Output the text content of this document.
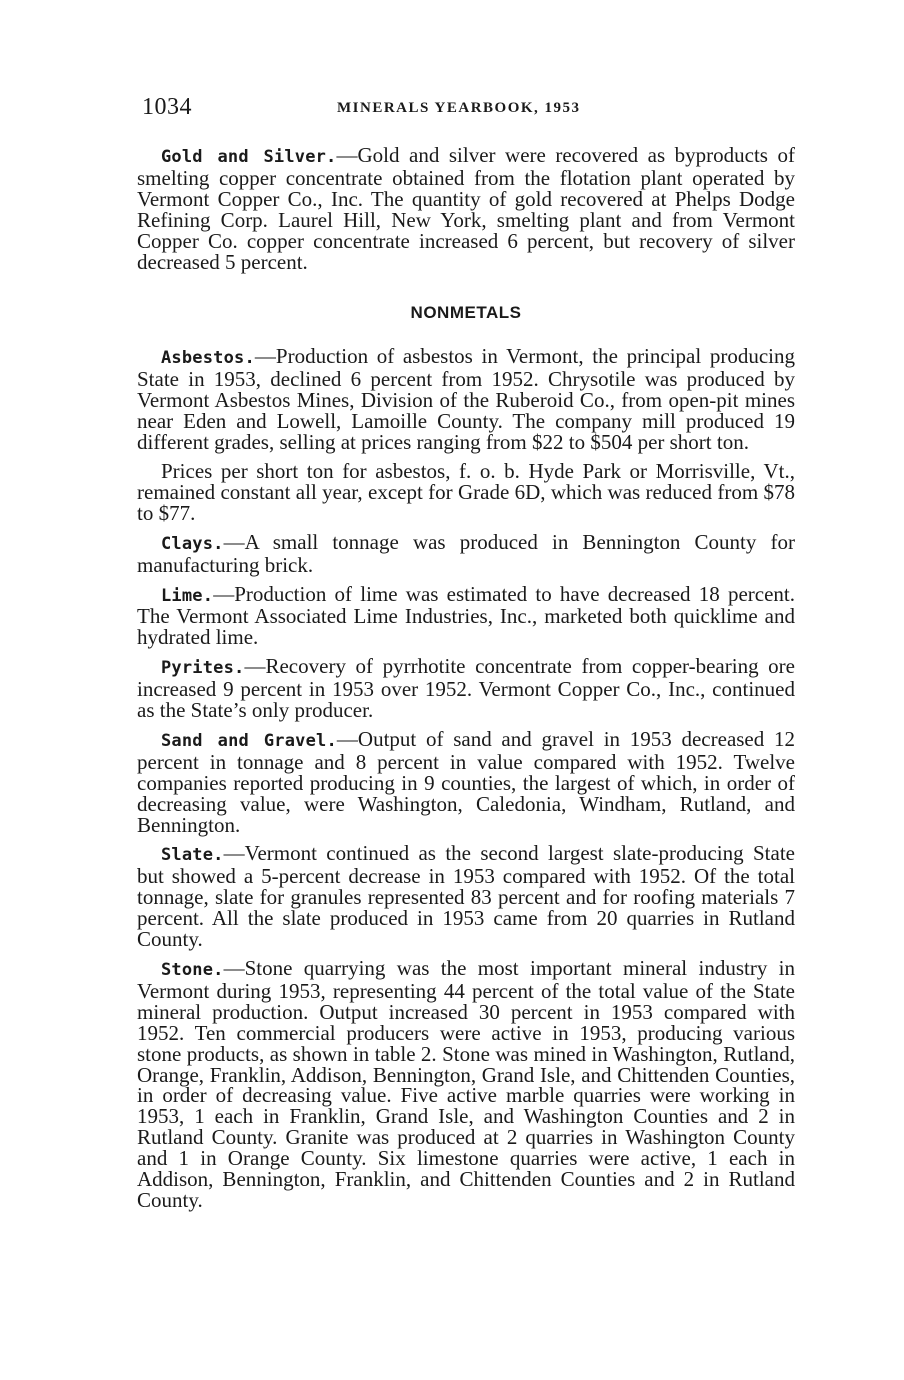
1034	MINERALS YEARBOOK, 1953

Gold and Silver.—Gold and silver were recovered as byproducts of smelting copper concentrate obtained from the flotation plant operated by Vermont Copper Co., Inc. The quantity of gold recovered at Phelps Dodge Refining Corp. Laurel Hill, New York, smelting plant and from Vermont Copper Co. copper concentrate increased 6 percent, but recovery of silver decreased 5 percent.

NONMETALS

Asbestos.—Production of asbestos in Vermont, the principal producing State in 1953, declined 6 percent from 1952. Chrysotile was produced by Vermont Asbestos Mines, Division of the Ruberoid Co., from open-pit mines near Eden and Lowell, Lamoille County. The company mill produced 19 different grades, selling at prices ranging from $22 to $504 per short ton.

Prices per short ton for asbestos, f. o. b. Hyde Park or Morrisville, Vt., remained constant all year, except for Grade 6D, which was reduced from $78 to $77.

Clays.—A small tonnage was produced in Bennington County for manufacturing brick.

Lime.—Production of lime was estimated to have decreased 18 percent. The Vermont Associated Lime Industries, Inc., marketed both quicklime and hydrated lime.

Pyrites.—Recovery of pyrrhotite concentrate from copper-bearing ore increased 9 percent in 1953 over 1952. Vermont Copper Co., Inc., continued as the State’s only producer.

Sand and Gravel.—Output of sand and gravel in 1953 decreased 12 percent in tonnage and 8 percent in value compared with 1952. Twelve companies reported producing in 9 counties, the largest of which, in order of decreasing value, were Washington, Caledonia, Windham, Rutland, and Bennington.

Slate.—Vermont continued as the second largest slate-producing State but showed a 5-percent decrease in 1953 compared with 1952. Of the total tonnage, slate for granules represented 83 percent and for roofing materials 7 percent. All the slate produced in 1953 came from 20 quarries in Rutland County.

Stone.—Stone quarrying was the most important mineral industry in Vermont during 1953, representing 44 percent of the total value of the State mineral production. Output increased 30 percent in 1953 compared with 1952. Ten commercial producers were active in 1953, producing various stone products, as shown in table 2. Stone was mined in Washington, Rutland, Orange, Franklin, Addison, Bennington, Grand Isle, and Chittenden Counties, in order of decreasing value. Five active marble quarries were working in 1953, 1 each in Franklin, Grand Isle, and Washington Counties and 2 in Rutland County. Granite was produced at 2 quarries in Washington County and 1 in Orange County. Six limestone quarries were active, 1 each in Addison, Bennington, Franklin, and Chittenden Counties and 2 in Rutland County.
